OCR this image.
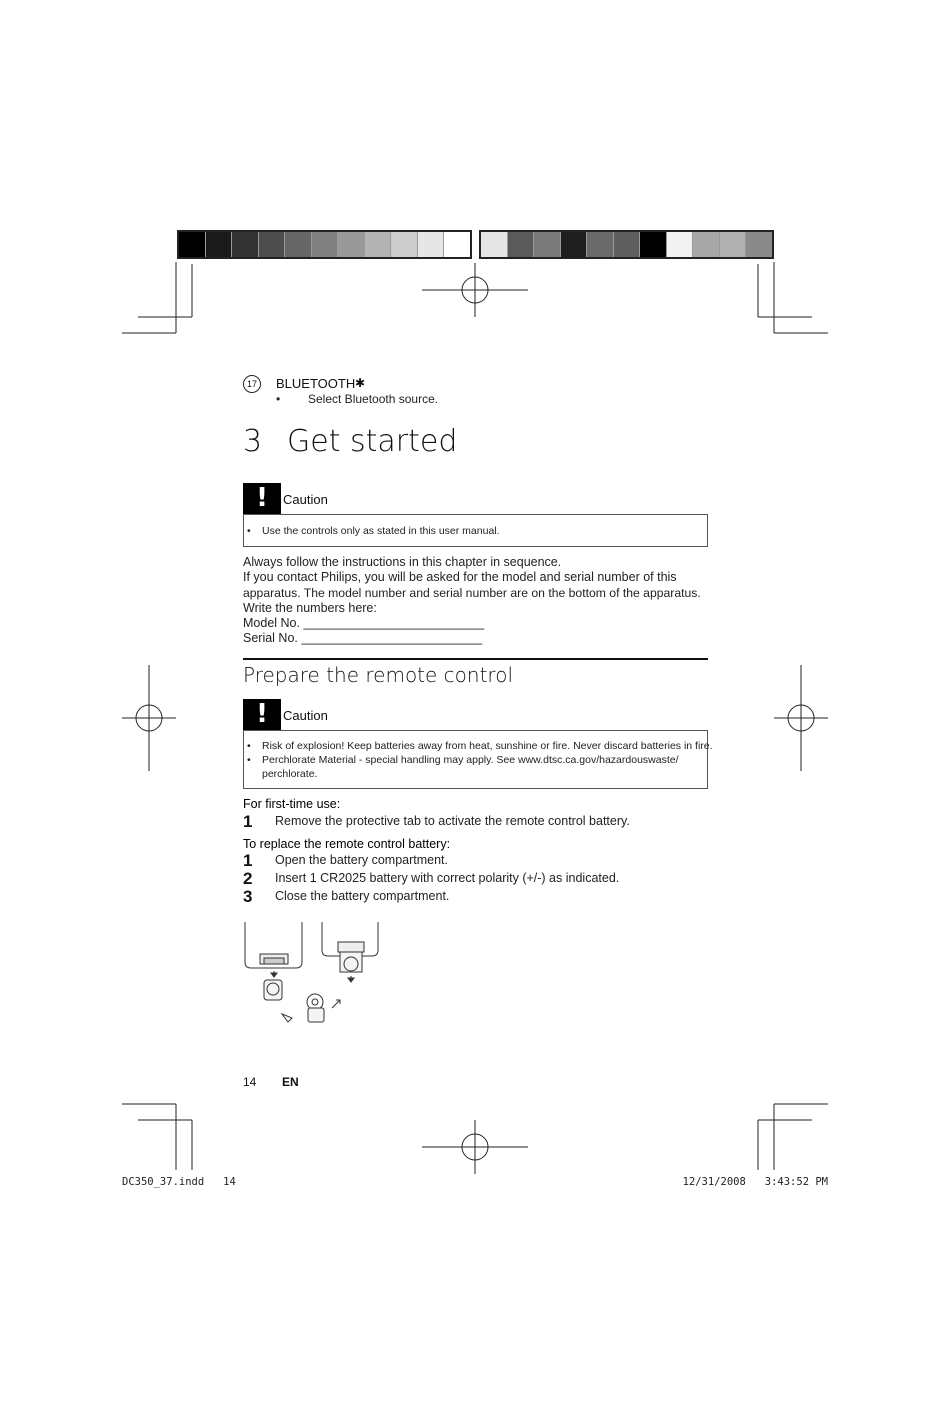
17	BLUETOOTH ✱
• Select Bluetooth source.
3 Get started
!	Caution
• Use the controls only as stated in this user manual.
Always follow the instructions in this chapter in sequence.
If you contact Philips, you will be asked for the model and serial number of this
apparatus. The model number and serial number are on the bottom of the apparatus.
Write the numbers here:
Model No. __________________________
Serial No. __________________________
Prepare the remote control
!	Caution
• Risk of explosion! Keep batteries away from heat, sunshine or fire. Never discard batteries in fire.
• Perchlorate Material - special handling may apply. See www.dtsc.ca.gov/hazardouswaste/
perchlorate.
For first-time use:
1 Remove the protective tab to activate the remote control battery.
To replace the remote control battery:
1 Open the battery compartment.
2 Insert 1 CR2025 battery with correct polarity (+/-) as indicated.
3 Close the battery compartment.
14 EN
DC350_37.indd   14	12/31/2008   3:43:52 PM
